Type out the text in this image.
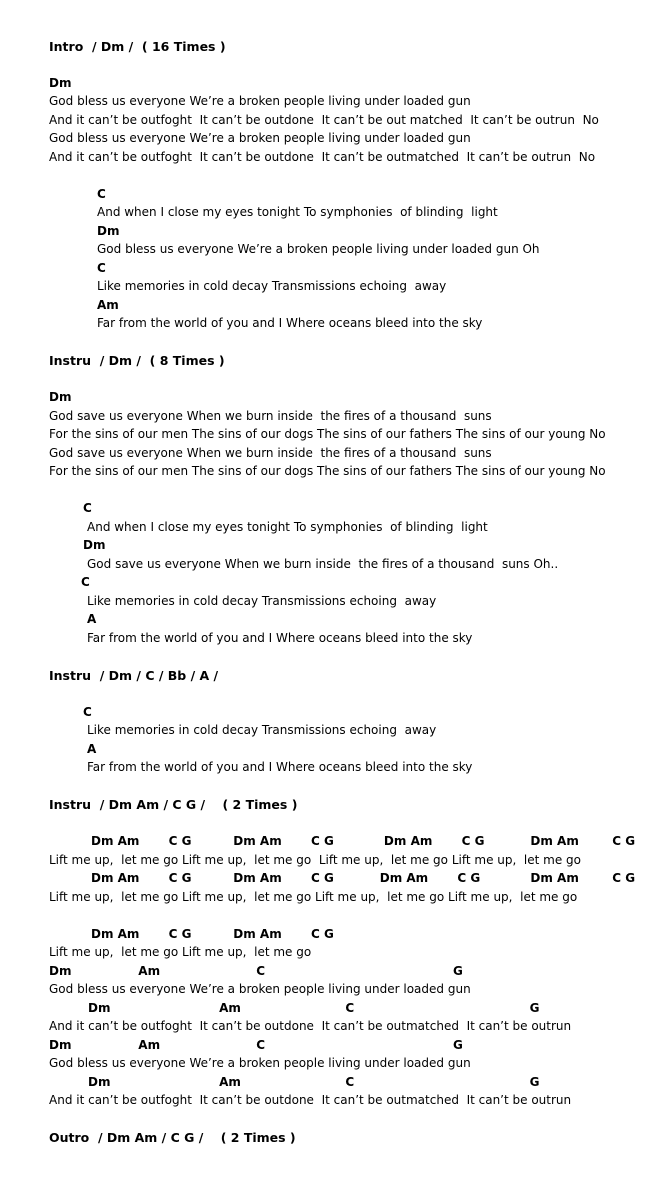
Intro  / Dm /  ( 16 Times )
Dm
God bless us everyone We’re a broken people living under loaded gun
And it can’t be outfoght  It can’t be outdone  It can’t be out matched  It can’t be outrun  No
God bless us everyone We’re a broken people living under loaded gun
And it can’t be outfoght  It can’t be outdone  It can’t be outmatched  It can’t be outrun  No
C
And when I close my eyes tonight To symphonies  of blinding  light
Dm
God bless us everyone We’re a broken people living under loaded gun Oh
C
Like memories in cold decay Transmissions echoing  away
Am
Far from the world of you and I Where oceans bleed into the sky
Instru  / Dm /  ( 8 Times )
Dm
God save us everyone When we burn inside  the fires of a thousand  suns
For the sins of our men The sins of our dogs The sins of our fathers The sins of our young No
God save us everyone When we burn inside  the fires of a thousand  suns
For the sins of our men The sins of our dogs The sins of our fathers The sins of our young No
C
And when I close my eyes tonight To symphonies  of blinding  light
Dm
God save us everyone When we burn inside  the fires of a thousand  suns Oh..
C
Like memories in cold decay Transmissions echoing  away
A
Far from the world of you and I Where oceans bleed into the sky
Instru  / Dm / C / Bb / A /
C
Like memories in cold decay Transmissions echoing  away
A
Far from the world of you and I Where oceans bleed into the sky
Instru  / Dm Am / C G /    ( 2 Times )
Dm Am       C G          Dm Am       C G            Dm Am       C G           Dm Am        C G
Lift me up,  let me go Lift me up,  let me go  Lift me up,  let me go Lift me up,  let me go
Dm Am       C G          Dm Am       C G           Dm Am       C G            Dm Am        C G
Lift me up,  let me go Lift me up,  let me go Lift me up,  let me go Lift me up,  let me go
Dm Am       C G          Dm Am       C G
Lift me up,  let me go Lift me up,  let me go
Dm                Am                       C                                             G
God bless us everyone We’re a broken people living under loaded gun
Dm                          Am                         C                                          G
And it can’t be outfoght  It can’t be outdone  It can’t be outmatched  It can’t be outrun
Dm                Am                       C                                             G
God bless us everyone We’re a broken people living under loaded gun
Dm                          Am                         C                                          G
And it can’t be outfoght  It can’t be outdone  It can’t be outmatched  It can’t be outrun
Outro  / Dm Am / C G /    ( 2 Times )
